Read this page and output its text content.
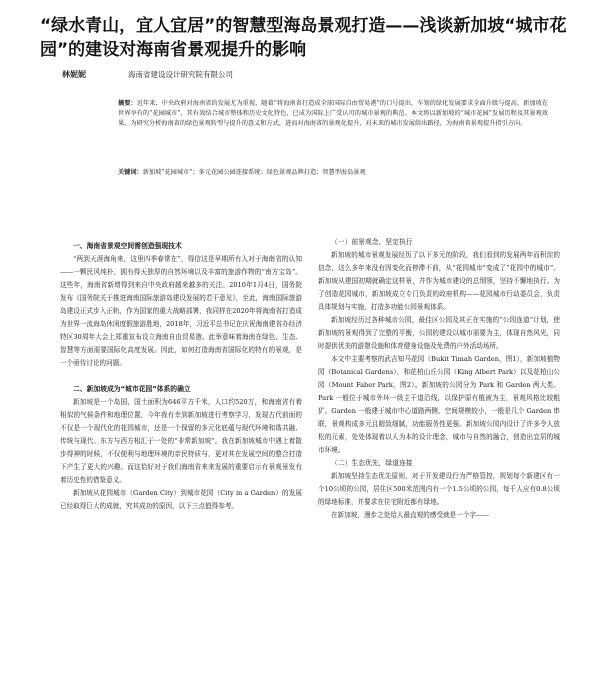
“绿水青山，宜人宜居”的智慧型海岛景观打造——浅谈新加坡“城市花园”的建设对海南省景观提升的影响
林妮妮	海南省建设设计研究院有限公司

摘要：近年来，中央政府对海南省的发展尤为重视，随着“将海南省打造成全球国际自由贸易港”的口号提出，车划的绿化发展要求全面升级与提高。新加坡在世界享有的“花园城市”，其有效结合城市整体和历史文化特色，已成为国际上广受认可的城市景观的典范。本文将以新加坡的“城市花园”发展历程及其景观效果，为研究分析海南省的绿色景观转型与提升的意义和方式，进而对海南省的景观化提升，对未来的城市发展给出路径，为海南省景观提升指引方向。

关键词：新加坡“花园城市”；多元花园公园连接系统；绿色景观品牌打造；智慧型海岛景观

一、海南省景观空间需创造强现技术

“两到天涯海角来，这里四季春常在”，得信这是早期所有人对于海南省的认知——一颗民风纯朴，拥有得天独厚的自然环境以及丰富的旅游作物的“南方宝岛”。这些年，海南省新增得到来自中央政府越来越多的关注。2010年1月4日，国务院发布《国务院关于推进海南国际旅游岛建设发展的若干意见》，至此，海南国际旅游岛建设正式步入正轨，作为国家的重大战略部署，我同样在2020年将海南省打造成为世界一流海岛休闲度假旅游胜地，2018年，习近平总书记在庆祝海南建省办经济特区30周年大会上郑重宣布设立海南自由贸易港。此举意味着海南在绿色、生态、智慧等方面需要国际化高度发展。因此，如何打造海南省国际化的特有的景观，是一个亟待讨论的问题。

二、新加坡成为“城市花园”体系的确立

新加坡是一个岛国，国土面积为646平方千米，人口约520万，和海南省有着相似的气候条件和地理位置，今年我有幸到新加坡进行考察学习，发现古代前面的不仅是一个现代化的花园城市，还是一个保留的多元化底蕴与现代环境和谐共融、传统与现代、东方与西方相汇于一处的“非常新加坡”。我在新加坡城市中遇上着散步得神的时候，不仅便利与地理环境的亲民特质与，更对其在发展空间的整合打造下产生了更大的兴趣。而这恰好对于我们海南省来来发展的重要启示有景观景发有着历史性的借鉴意义。

新加坡从花园城市（Garden City）到城市花园（City in a Garden）的发展已经取得巨大的成就，究其成功的原因，以下三点值得参考。

（一）前景观念，坚定执行

新加坡的城市景观发展经历了以下多元的阶段，我们看到的发展两年而积淀的信念，这么多年来没有因变化而停滞不前，从“花园城市”变成了“花园中的城市”。新加坡从建国初期就确定这样景，并作为城市建设的总纲领，坚持不懈地执行。为了创造花园城市，新加坡成立专门负责的政府机构——花园城市行动委员会，负责具体规划与实施，打造多功能公园景观体系。

新加坡经历过各种城市公园，最佳区公园及其正在实施的“公园连道”计划，使新加坡的景观得到了完整的平衡，公园的建设以城市需要为主，体现自然风光，同时提供优美的游憩设施和体育健身设施及免费的户外活动场所。

本文中主要考察的武吉知马花园（Bukit Timah Garden，图1），新加坡植物园（Botanical Gardens），和花柏山丘公园（King Albert Park）以及花柏山公园（Mount Faber Park，图2）。新加坡的公园分为 Park 和 Garden 两大类。Park 一般位于城市外环一级主干道沿线，以保护原有植被为主，景观风格比较粗犷。Garden 一般建于城市中心道路两侧，空间规模较小，一般是几个 Garden 串联，景观构成多元且精致细腻，功能服务性更强。新加坡公园内设计了许多令人放松的元素，处处体现着以人为本的设计理念，城市与自然的融合，创造出宜居的城市环境。

（二）生态优先，绿道连接

新加坡坚持生态优先原则，对于开发建设行为严格管控，规划每个新建区有一个10公顷的公园，居住区500米范围内有一个1.5公顷的公园，每千人应有0.8公顷的绿地标准，并要求在住宅附近都有绿地。

在新加坡，漫步之处给人最直观的感受就是一个字——
